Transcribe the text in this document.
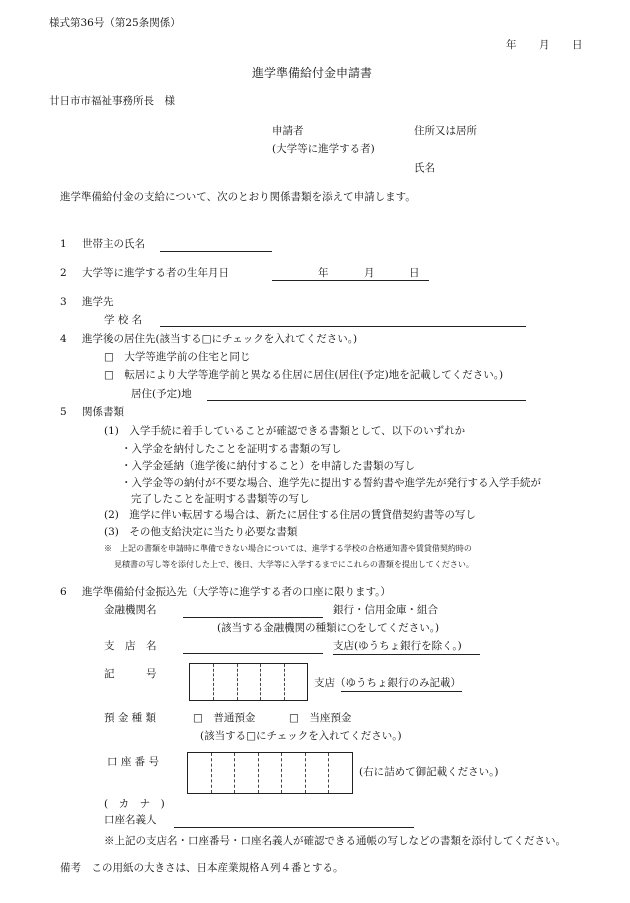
様式第36号（第25条関係）
年 月 日
進学準備給付金申請書
廿日市市福祉事務所長　様
申請者
(大学等に進学する者)
住所又は居所
氏名
進学準備給付金の支給について、次のとおり関係書類を添えて申請します。
1 世帯主の氏名
2 大学等に進学する者の生年月日	年	月	日
3 進学先
学 校 名
4 進学後の居住先(該当する□にチェックを入れてください。)
□　大学等進学前の住宅と同じ
□　転居により大学等進学前と異なる住居に居住(居住(予定)地を記載してください。)
居住(予定)地
5 関係書類
(1)　入学手続に着手していることが確認できる書類として、以下のいずれか
・入学金を納付したことを証明する書類の写し
・入学金延納（進学後に納付すること）を申請した書類の写し
・入学金等の納付が不要な場合、進学先に提出する誓約書や進学先が発行する入学手続が
完了したことを証明する書類等の写し
(2)　進学に伴い転居する場合は、新たに居住する住居の賃貸借契約書等の写し
(3)　その他支給決定に当たり必要な書類
※　上記の書類を申請時に準備できない場合については、進学する学校の合格通知書や賃貸借契約時の
見積書の写し等を添付した上で、後日、大学等に入学するまでにこれらの書類を提出してください。
6 進学準備給付金振込先（大学等に進学する者の口座に限ります。）
金融機関名	銀行・信用金庫・組合
(該当する金融機関の種類に○をしてください。)
支　店　名	支店(ゆうちょ銀行を除く。)
記　　　号
支店（ゆうちょ銀行のみ記載）
預 金 種 類	□　普通預金	□　当座預金
(該当する□にチェックを入れてください。)
口 座 番 号
(右に詰めて御記載ください。)
(　カ　ナ　)
口座名義人
※上記の支店名・口座番号・口座名義人が確認できる通帳の写しなどの書類を添付してください。
備考　この用紙の大きさは、日本産業規格Ａ列４番とする。
